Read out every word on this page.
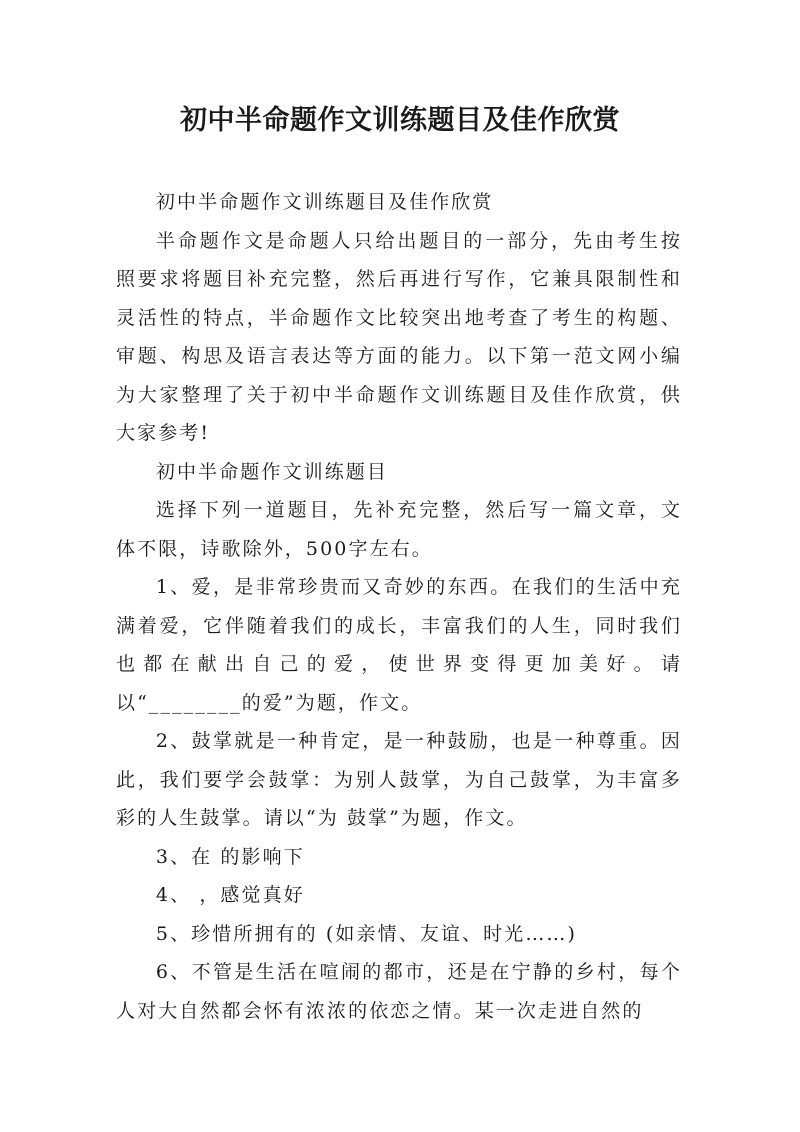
初中半命题作文训练题目及佳作欣赏

初中半命题作文训练题目及佳作欣赏

半命题作文是命题人只给出题目的一部分，先由考生按照要求将题目补充完整，然后再进行写作，它兼具限制性和灵活性的特点，半命题作文比较突出地考查了考生的构题、审题、构思及语言表达等方面的能力。以下第一范文网小编为大家整理了关于初中半命题作文训练题目及佳作欣赏，供大家参考!

初中半命题作文训练题目

选择下列一道题目，先补充完整，然后写一篇文章，文体不限，诗歌除外，500字左右。

1、爱，是非常珍贵而又奇妙的东西。在我们的生活中充满着爱，它伴随着我们的成长，丰富我们的人生，同时我们也都在献出自己的爱，使世界变得更加美好。请以“________的爱”为题，作文。

2、鼓掌就是一种肯定，是一种鼓励，也是一种尊重。因此，我们要学会鼓掌：为别人鼓掌，为自己鼓掌，为丰富多彩的人生鼓掌。请以“为 鼓掌”为题，作文。

3、在 的影响下

4、 ，感觉真好

5、珍惜所拥有的 (如亲情、友谊、时光……)

6、不管是生活在喧闹的都市，还是在宁静的乡村，每个人对大自然都会怀有浓浓的依恋之情。某一次走进自然的
